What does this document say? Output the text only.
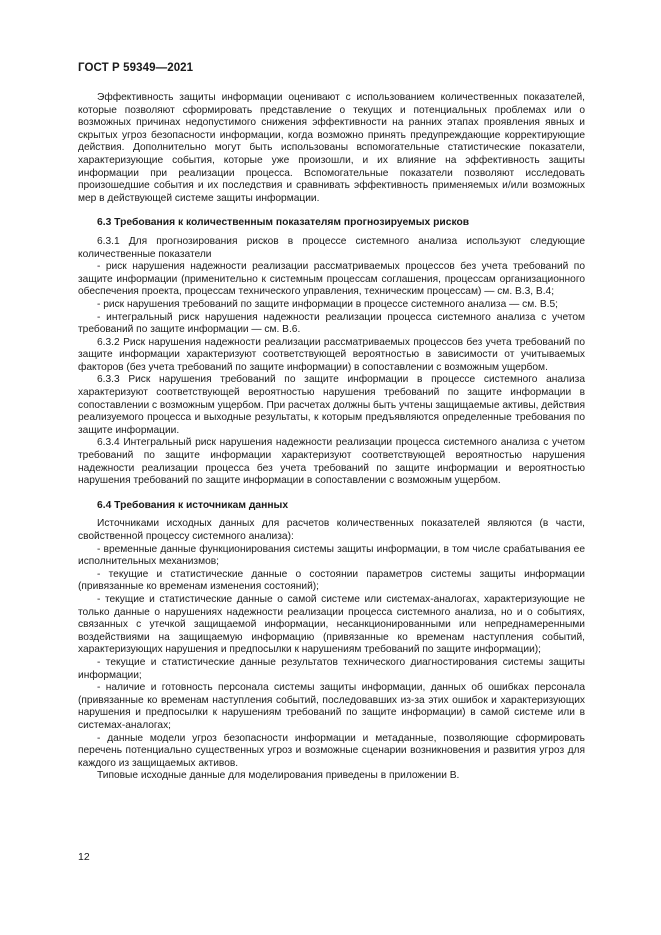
ГОСТ Р 59349—2021

Эффективность защиты информации оценивают с использованием количественных показателей, которые позволяют сформировать представление о текущих и потенциальных проблемах или о возможных причинах недопустимого снижения эффективности на ранних этапах проявления явных и скрытых угроз безопасности информации, когда возможно принять предупреждающие корректирующие действия. Дополнительно могут быть использованы вспомогательные статистические показатели, характеризующие события, которые уже произошли, и их влияние на эффективность защиты информации при реализации процесса. Вспомогательные показатели позволяют исследовать произошедшие события и их последствия и сравнивать эффективность применяемых и/или возможных мер в действующей системе защиты информации.

6.3 Требования к количественным показателям прогнозируемых рисков

6.3.1 Для прогнозирования рисков в процессе системного анализа используют следующие количественные показатели

- риск нарушения надежности реализации рассматриваемых процессов без учета требований по защите информации (применительно к системным процессам соглашения, процессам организационного обеспечения проекта, процессам технического управления, техническим процессам) — см. В.3, В.4;

- риск нарушения требований по защите информации в процессе системного анализа — см. В.5;

- интегральный риск нарушения надежности реализации процесса системного анализа с учетом требований по защите информации — см. В.6.

6.3.2 Риск нарушения надежности реализации рассматриваемых процессов без учета требований по защите информации характеризуют соответствующей вероятностью в зависимости от учитываемых факторов (без учета требований по защите информации) в сопоставлении с возможным ущербом.

6.3.3 Риск нарушения требований по защите информации в процессе системного анализа характеризуют соответствующей вероятностью нарушения требований по защите информации в сопоставлении с возможным ущербом. При расчетах должны быть учтены защищаемые активы, действия реализуемого процесса и выходные результаты, к которым предъявляются определенные требования по защите информации.

6.3.4 Интегральный риск нарушения надежности реализации процесса системного анализа с учетом требований по защите информации характеризуют соответствующей вероятностью нарушения надежности реализации процесса без учета требований по защите информации и вероятностью нарушения требований по защите информации в сопоставлении с возможным ущербом.

6.4 Требования к источникам данных

Источниками исходных данных для расчетов количественных показателей являются (в части, свойственной процессу системного анализа):

- временные данные функционирования системы защиты информации, в том числе срабатывания ее исполнительных механизмов;

- текущие и статистические данные о состоянии параметров системы защиты информации (привязанные ко временам изменения состояний);

- текущие и статистические данные о самой системе или системах-аналогах, характеризующие не только данные о нарушениях надежности реализации процесса системного анализа, но и о событиях, связанных с утечкой защищаемой информации, несанкционированными или непреднамеренными воздействиями на защищаемую информацию (привязанные ко временам наступления событий, характеризующих нарушения и предпосылки к нарушениям требований по защите информации);

- текущие и статистические данные результатов технического диагностирования системы защиты информации;

- наличие и готовность персонала системы защиты информации, данных об ошибках персонала (привязанные ко временам наступления событий, последовавших из-за этих ошибок и характеризующих нарушения и предпосылки к нарушениям требований по защите информации) в самой системе или в системах-аналогах;

- данные модели угроз безопасности информации и метаданные, позволяющие сформировать перечень потенциально существенных угроз и возможные сценарии возникновения и развития угроз для каждого из защищаемых активов.

Типовые исходные данные для моделирования приведены в приложении В.

12
